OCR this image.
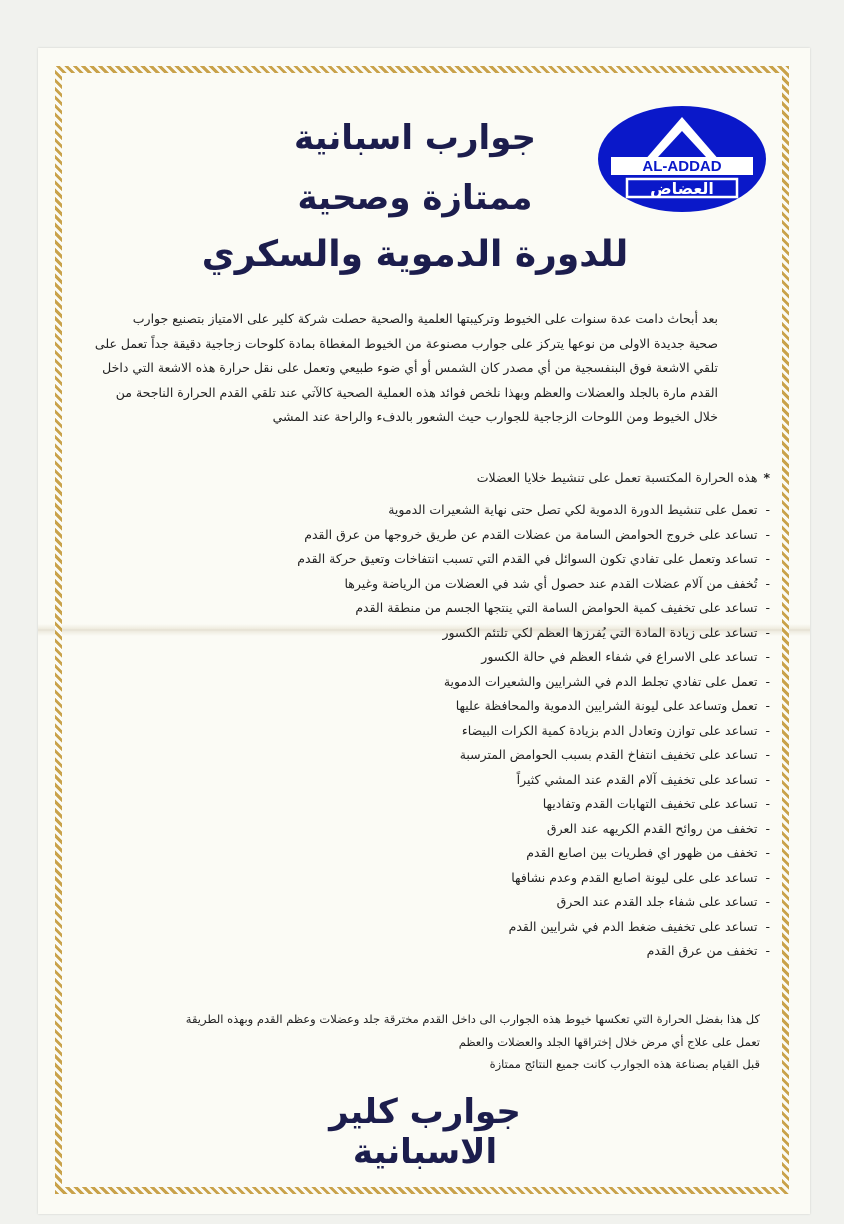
AL-ADDAD
العضاض
جوارب اسبانية
ممتازة وصحية
للدورة الدموية والسكري
بعد أبحاث دامت عدة سنوات على الخيوط وتركيبتها العلمية والصحية حصلت شركة كلير على الامتياز بتصنيع جوارب
صحية جديدة الاولى من نوعها يتركز على جوارب مصنوعة من الخيوط المغطاة بمادة كلوحات زجاجية دقيقة جداً تعمل على
تلقي الاشعة فوق البنفسجية من أي مصدر كان الشمس أو أي ضوء طبيعي وتعمل على نقل حرارة هذه الاشعة التي داخل
القدم مارة بالجلد والعضلات والعظم وبهذا نلخص فوائد هذه العملية الصحية كالآتي عند تلقي القدم الحرارة الناجحة من
خلال الخيوط ومن اللوحات الزجاجية للجوارب حيث الشعور بالدفء والراحة عند المشي
*هذه الحرارة المكتسبة تعمل على تنشيط خلايا العضلات
-تعمل على تنشيط الدورة الدموية لكي تصل حتى نهاية الشعيرات الدموية
-تساعد على خروج الحوامض السامة من عضلات القدم عن طريق خروجها من عرق القدم
-تساعد وتعمل على تفادي تكون السوائل في القدم التي تسبب انتفاخات وتعيق حركة القدم
-تُخفف من آلام عضلات القدم عند حصول أي شد في العضلات من الرياضة وغيرها
-تساعد على تخفيف كمية الحوامض السامة التي ينتجها الجسم من منطقة القدم
-تساعد على زيادة المادة التي يُفرزها العظم لكي تلتئم الكسور
-تساعد على الاسراع في شفاء العظم في حالة الكسور
-تعمل على تفادي تجلط الدم في الشرايين والشعيرات الدموية
-تعمل وتساعد على ليونة الشرايين الدموية والمحافظة عليها
-تساعد على توازن وتعادل الدم بزيادة كمية الكرات البيضاء
-تساعد على تخفيف انتفاخ القدم بسبب الحوامض المترسبة
-تساعد على تخفيف آلام القدم عند المشي كثيراً
-تساعد على تخفيف التهابات القدم وتفاديها
-تخفف من روائح القدم الكريهه عند العرق
-تخفف من ظهور اي فطريات بين اصابع القدم
-تساعد على على ليونة اصابع القدم وعدم نشافها
-تساعد على شفاء جلد القدم عند الحرق
-تساعد على تخفيف ضغط الدم في شرايين القدم
-تخفف من عرق القدم
كل هذا بفضل الحرارة التي تعكسها خيوط هذه الجوارب الى داخل القدم مخترقة جلد وعضلات وعظم القدم وبهذه الطريقة
تعمل على علاج أي مرض خلال إختراقها الجلد والعضلات والعظم
قبل القيام بصناعة هذه الجوارب كانت جميع النتائج ممتازة
جوارب كلير الاسبانية
